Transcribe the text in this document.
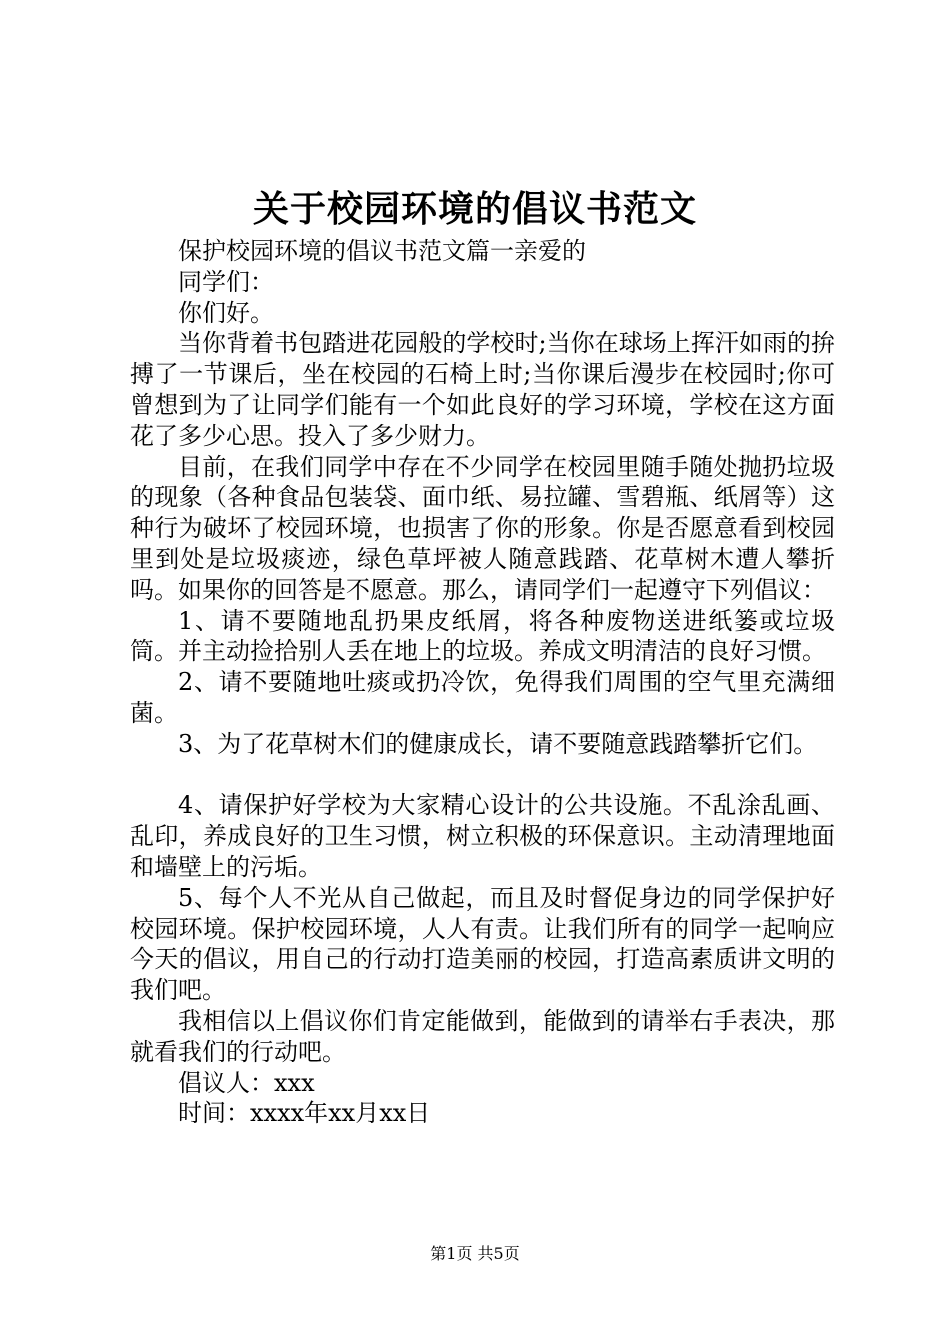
关于校园环境的倡议书范文

保护校园环境的倡议书范文篇一亲爱的

同学们：

你们好。

当你背着书包踏进花园般的学校时;当你在球场上挥汗如雨的拚搏了一节课后，坐在校园的石椅上时;当你课后漫步在校园时;你可曾想到为了让同学们能有一个如此良好的学习环境，学校在这方面花了多少心思。投入了多少财力。

目前，在我们同学中存在不少同学在校园里随手随处抛扔垃圾的现象（各种食品包装袋、面巾纸、易拉罐、雪碧瓶、纸屑等）这种行为破坏了校园环境，也损害了你的形象。你是否愿意看到校园里到处是垃圾痰迹，绿色草坪被人随意践踏、花草树木遭人攀折吗。如果你的回答是不愿意。那么，请同学们一起遵守下列倡议：

1、请不要随地乱扔果皮纸屑，将各种废物送进纸篓或垃圾筒。并主动捡拾别人丢在地上的垃圾。养成文明清洁的良好习惯。

2、请不要随地吐痰或扔冷饮，免得我们周围的空气里充满细菌。

3、为了花草树木们的健康成长，请不要随意践踏攀折它们。

4、请保护好学校为大家精心设计的公共设施。不乱涂乱画、乱印，养成良好的卫生习惯，树立积极的环保意识。主动清理地面和墙壁上的污垢。

5、每个人不光从自己做起，而且及时督促身边的同学保护好校园环境。保护校园环境，人人有责。让我们所有的同学一起响应今天的倡议，用自己的行动打造美丽的校园，打造高素质讲文明的我们吧。

我相信以上倡议你们肯定能做到，能做到的请举右手表决，那就看我们的行动吧。

倡议人：xxx

时间：xxxx年xx月xx日

第1页 共5页
